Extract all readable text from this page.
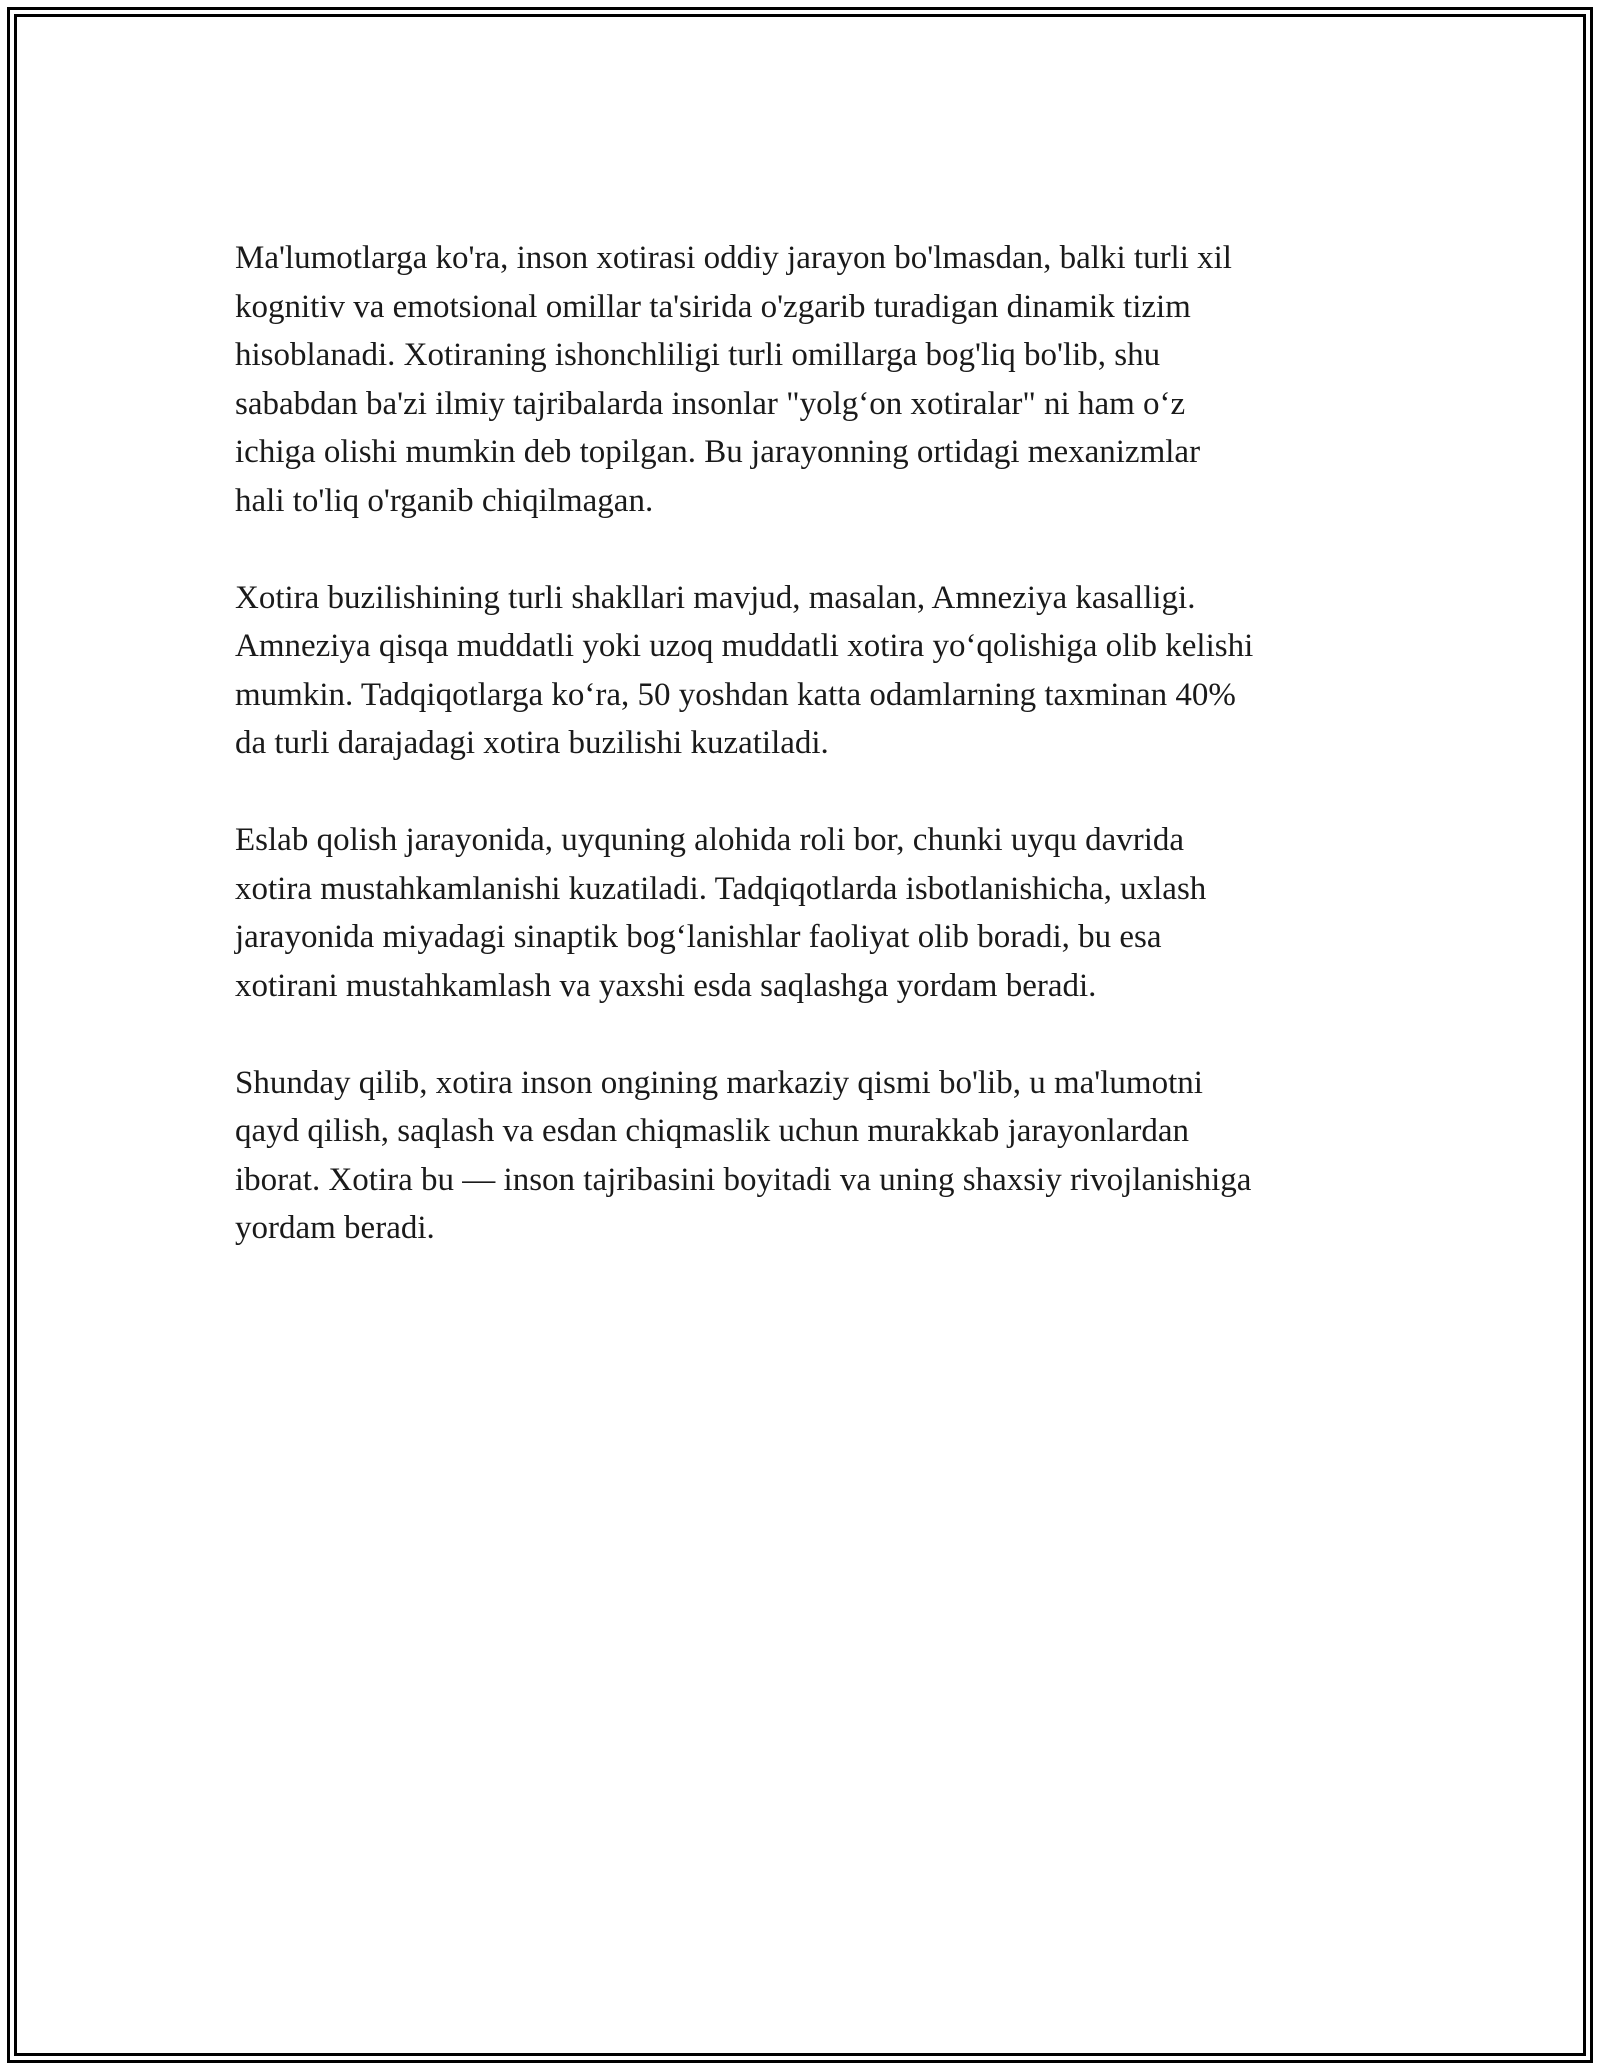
Ma'lumotlarga ko'ra, inson xotirasi oddiy jarayon bo'lmasdan, balki turli xil
kognitiv va emotsional omillar ta'sirida o'zgarib turadigan dinamik tizim
hisoblanadi. Xotiraning ishonchliligi turli omillarga bog'liq bo'lib, shu
sababdan ba'zi ilmiy tajribalarda insonlar "yolg‘on xotiralar" ni ham o‘z
ichiga olishi mumkin deb topilgan. Bu jarayonning ortidagi mexanizmlar
hali to'liq o'rganib chiqilmagan.

Xotira buzilishining turli shakllari mavjud, masalan, Amneziya kasalligi.
Amneziya qisqa muddatli yoki uzoq muddatli xotira yo‘qolishiga olib kelishi
mumkin. Tadqiqotlarga ko‘ra, 50 yoshdan katta odamlarning taxminan 40%
da turli darajadagi xotira buzilishi kuzatiladi.

Eslab qolish jarayonida, uyquning alohida roli bor, chunki uyqu davrida
xotira mustahkamlanishi kuzatiladi. Tadqiqotlarda isbotlanishicha, uxlash
jarayonida miyadagi sinaptik bog‘lanishlar faoliyat olib boradi, bu esa
xotirani mustahkamlash va yaxshi esda saqlashga yordam beradi.

Shunday qilib, xotira inson ongining markaziy qismi bo'lib, u ma'lumotni
qayd qilish, saqlash va esdan chiqmaslik uchun murakkab jarayonlardan
iborat. Xotira bu — inson tajribasini boyitadi va uning shaxsiy rivojlanishiga
yordam beradi.
